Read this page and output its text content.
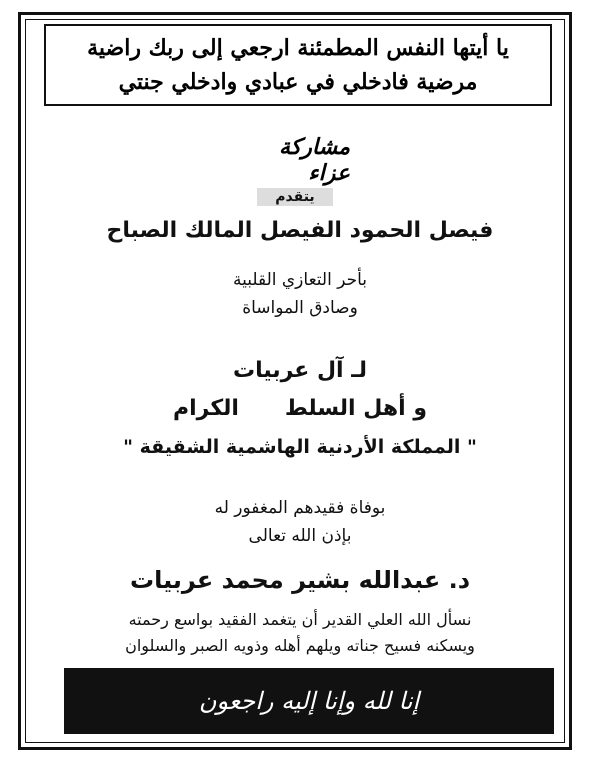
يا أيتها النفس المطمئنة ارجعي إلى ربك راضية مرضية فادخلي في عبادي وادخلي جنتي
مشاركة عزاء
يتقدم
فيصل الحمود الفيصل المالك الصباح
بأحر التعازي القلبية
وصادق المواساة
لـ آل عربيات
و أهل السلط      الكرام
" المملكة الأردنية الهاشمية الشقيقة "
بوفاة فقيدهم المغفور له
بإذن الله تعالى
د. عبدالله بشير محمد عربيات
نسأل الله العلي القدير أن يتغمد الفقيد بواسع رحمته
ويسكنه فسيح جناته ويلهم أهله وذويه الصبر والسلوان
إنا لله وإنا إليه راجعون
